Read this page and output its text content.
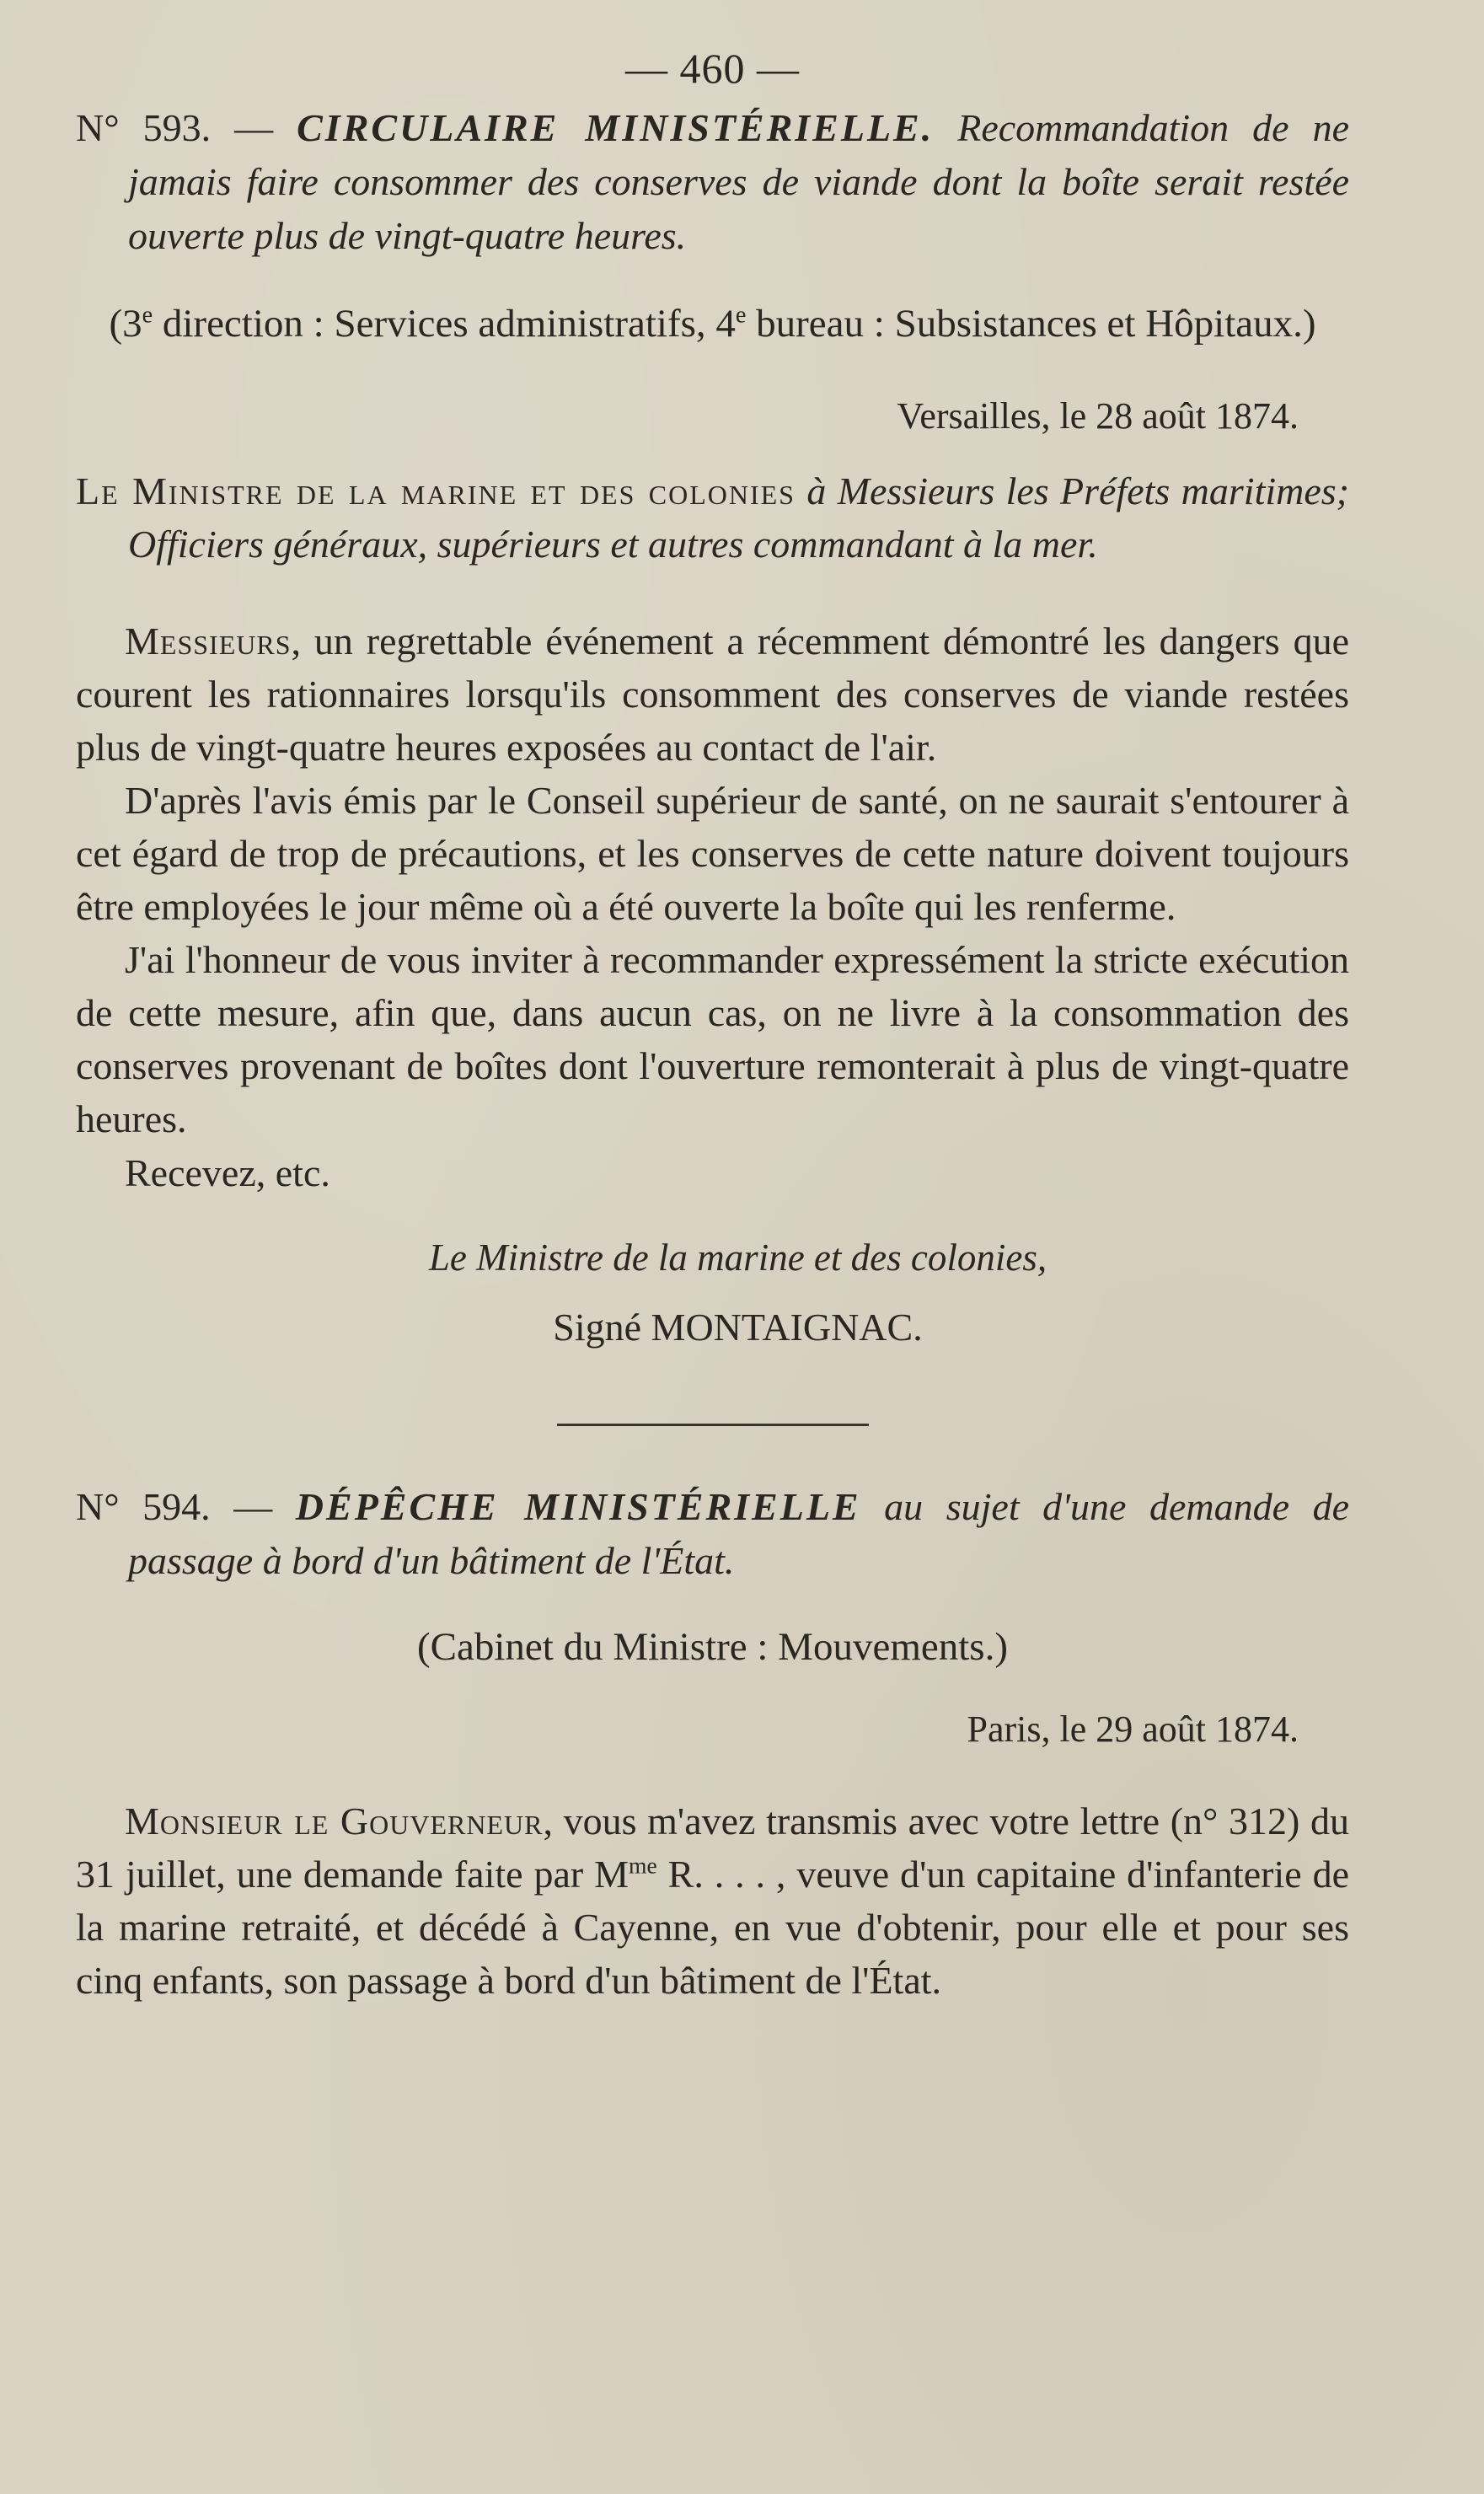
— 460 —

N° 593. — CIRCULAIRE MINISTÉRIELLE. Recommandation de ne jamais faire consommer des conserves de viande dont la boîte serait restée ouverte plus de vingt-quatre heures.

(3e direction : Services administratifs, 4e bureau : Subsistances et Hôpitaux.)

Versailles, le 28 août 1874.

Le Ministre de la marine et des colonies à Messieurs les Préfets maritimes; Officiers généraux, supérieurs et autres commandant à la mer.

Messieurs, un regrettable événement a récemment démontré les dangers que courent les rationnaires lorsqu'ils consomment des conserves de viande restées plus de vingt-quatre heures exposées au contact de l'air.

D'après l'avis émis par le Conseil supérieur de santé, on ne saurait s'entourer à cet égard de trop de précautions, et les conserves de cette nature doivent toujours être employées le jour même où a été ouverte la boîte qui les renferme.

J'ai l'honneur de vous inviter à recommander expressément la stricte exécution de cette mesure, afin que, dans aucun cas, on ne livre à la consommation des conserves provenant de boîtes dont l'ouverture remonterait à plus de vingt-quatre heures.

Recevez, etc.

Le Ministre de la marine et des colonies,

Signé MONTAIGNAC.

N° 594. — DÉPÊCHE MINISTÉRIELLE au sujet d'une demande de passage à bord d'un bâtiment de l'État.

(Cabinet du Ministre : Mouvements.)

Paris, le 29 août 1874.

Monsieur le Gouverneur, vous m'avez transmis avec votre lettre (n° 312) du 31 juillet, une demande faite par $M^{me}$ R. . . . , veuve d'un capitaine d'infanterie de la marine retraité, et décédé à Cayenne, en vue d'obtenir, pour elle et pour ses cinq enfants, son passage à bord d'un bâtiment de l'État.
